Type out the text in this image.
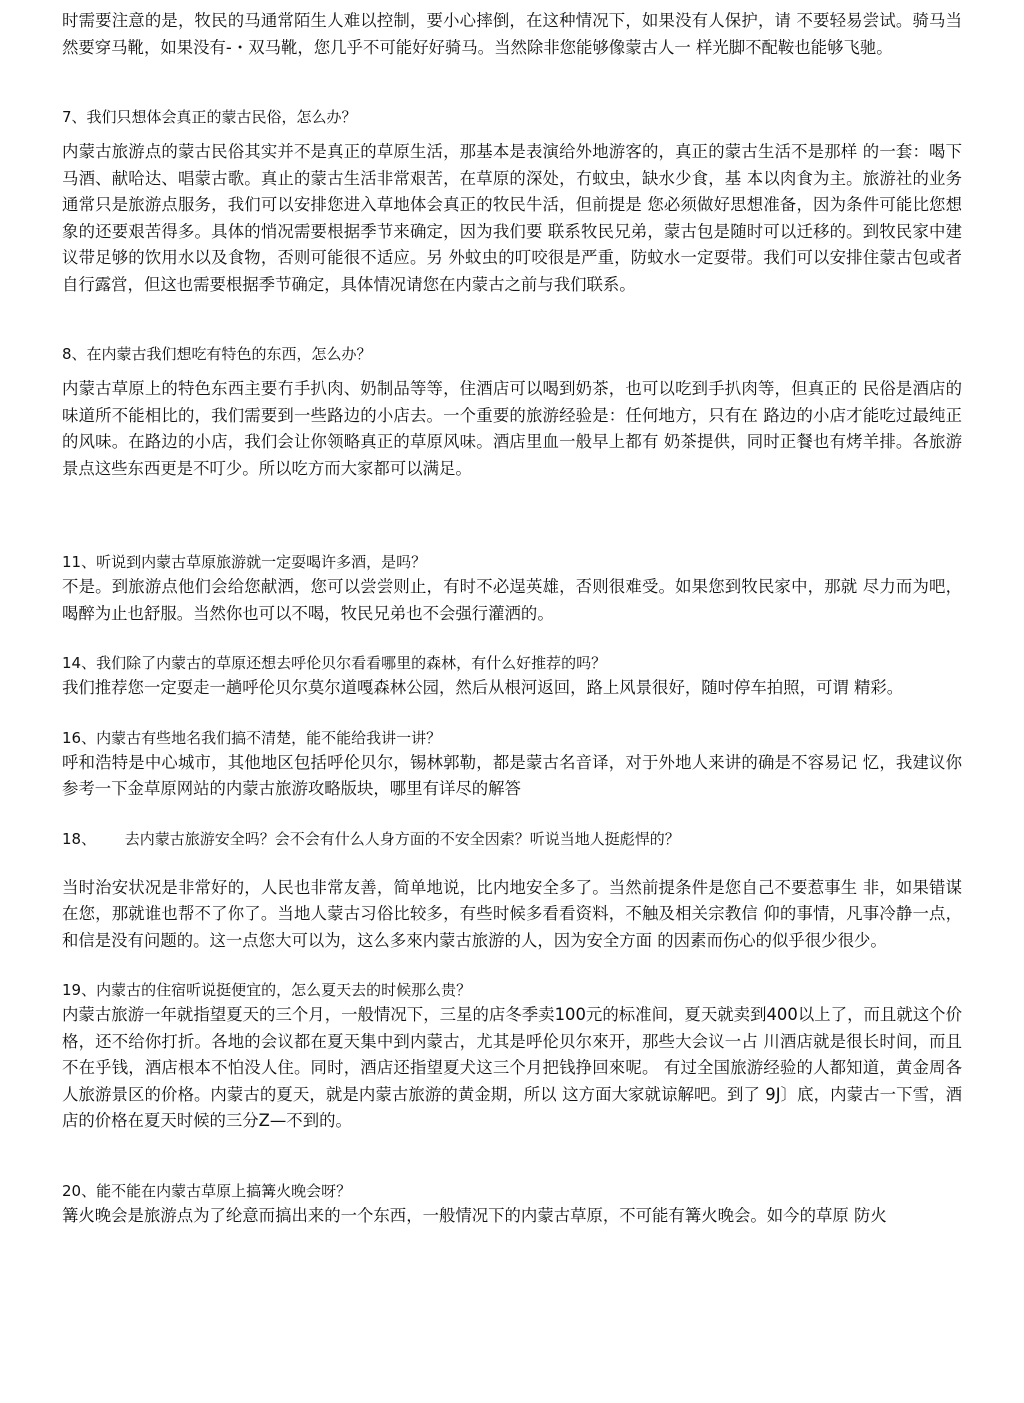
时需要注意的是，牧民的马通常陌生人难以控制，要小心摔倒，在这种情况下，如果没有人保护，请 不要轻易尝试。骑马当然要穿马靴，如果没有-・双马靴，您几乎不可能好好骑马。当然除非您能够像蒙古人一 样光脚不配鞍也能够飞驰。

7、我们只想体会真正的蒙古民俗，怎么办？

内蒙古旅游点的蒙古民俗其实并不是真正的草原生活，那基本是表演给外地游客的，真正的蒙古生活不是那样 的一套：喝下马酒、献哈达、唱蒙古歌。真止的蒙古生活非常艰苦，在草原的深处，冇蚊虫，缺水少食，基 本以肉食为主。旅游社的业务通常只是旅游点服务，我们可以安排您进入草地体会真正的牧民牛活，但前提是 您必须做好思想准备，因为条件可能比您想象的还要艰苦得多。具体的悄况需要根据季节来确定，因为我们要 联系牧民兄弟，蒙古包是随时可以迁移的。到牧民家中建议带足够的饮用水以及食物，否则可能很不适应。另 外蚊虫的叮咬很是严重，防蚊水一定耍带。我们可以安排住蒙古包或者自行露営，但这也需要根据季节确定，具体情况请您在内蒙古之前与我们联系。

8、在内蒙古我们想吃有特色的东西，怎么办？

内蒙古草原上的特色东西主要冇手扒肉、奶制品等等，住酒店可以喝到奶茶，也可以吃到手扒肉等，但真正的 民俗是酒店的味道所不能相比的，我们需要到一些路边的小店去。一个重要的旅游经验是：任何地方，只有在 路边的小店才能吃过最纯正的风味。在路边的小店，我们会让你领略真正的草原风味。酒店里血一般早上都有 奶茶提供，同时正餐也有烤羊排。各旅游景点这些东西更是不叮少。所以吃方而大家都可以满足。

11、听说到内蒙古草原旅游就一定耍喝许多酒，是吗？

不是。到旅游点他们会给您献洒，您可以尝尝则止，有时不必逞英雄，否则很难受。如果您到牧民家中，那就 尽力而为吧，喝醉为止也舒服。当然你也可以不喝，牧民兄弟也不会强行灌洒的。

14、我们除了内蒙古的草原还想去呼伦贝尔看看哪里的森林，有什么好推荐的吗？

我们推荐您一定耍走一趟呼伦贝尔莫尔道嘎森林公园，然后从根河返回，路上风景很好，随吋停车拍照，可谓 精彩。

16、内蒙古有些地名我们搞不清楚，能不能给我讲一讲？

呼和浩特是中心城市，其他地区包括呼伦贝尔，锡林郭勒，都是蒙古名音译，对于外地人来讲的确是不容易记 忆，我建议你参考一下金草原网站的内蒙古旅游攻略版块，哪里有详尽的解答

18、      去内蒙古旅游安全吗？会不会有什么人身方面的不安全因索？听说当地人挺彪悍的？

当时治安状况是非常好的，人民也非常友善，简单地说，比内地安全多了。当然前提条件是您自己不要惹事生 非，如果错谋在您，那就谁也帮不了你了。当地人蒙古习俗比较多，有些时候多看看资料，不触及相关宗教信 仰的事情，凡事冷静一点，和信是没有问题的。这一点您大可以为，这么多來内蒙古旅游的人，因为安全方面 的因素而伤心的似乎很少很少。

19、内蒙古的住宿听说挺便宜的，怎么夏天去的时候那么贵？

内蒙古旅游一年就指望夏天的三个月，一般情况下，三星的店冬季卖100元的标准间，夏天就卖到400以上了，而且就这个价格，还不给你打折。各地的会议都在夏天集中到内蒙古，尤其是呼伦贝尔來开，那些大会议一占 川酒店就是很长时间，而且不在乎钱，酒店根本不怕没人住。同时，酒店还指望夏犬这三个月把钱挣回來呢。 有过全国旅游经验的人都知道，黄金周各人旅游景区的价格。内蒙古的夏天，就是内蒙古旅游的黄金期，所以 这方面大家就谅解吧。到了 9J〕底，内蒙古一下雪，酒店的价格在夏天时候的三分Z—不到的。

20、能不能在内蒙古草原上搞篝火晚会呀？

篝火晚会是旅游点为了纶意而搞出来的一个东西，一般情况下的内蒙古草原，不可能有篝火晚会。如今的草原 防火
